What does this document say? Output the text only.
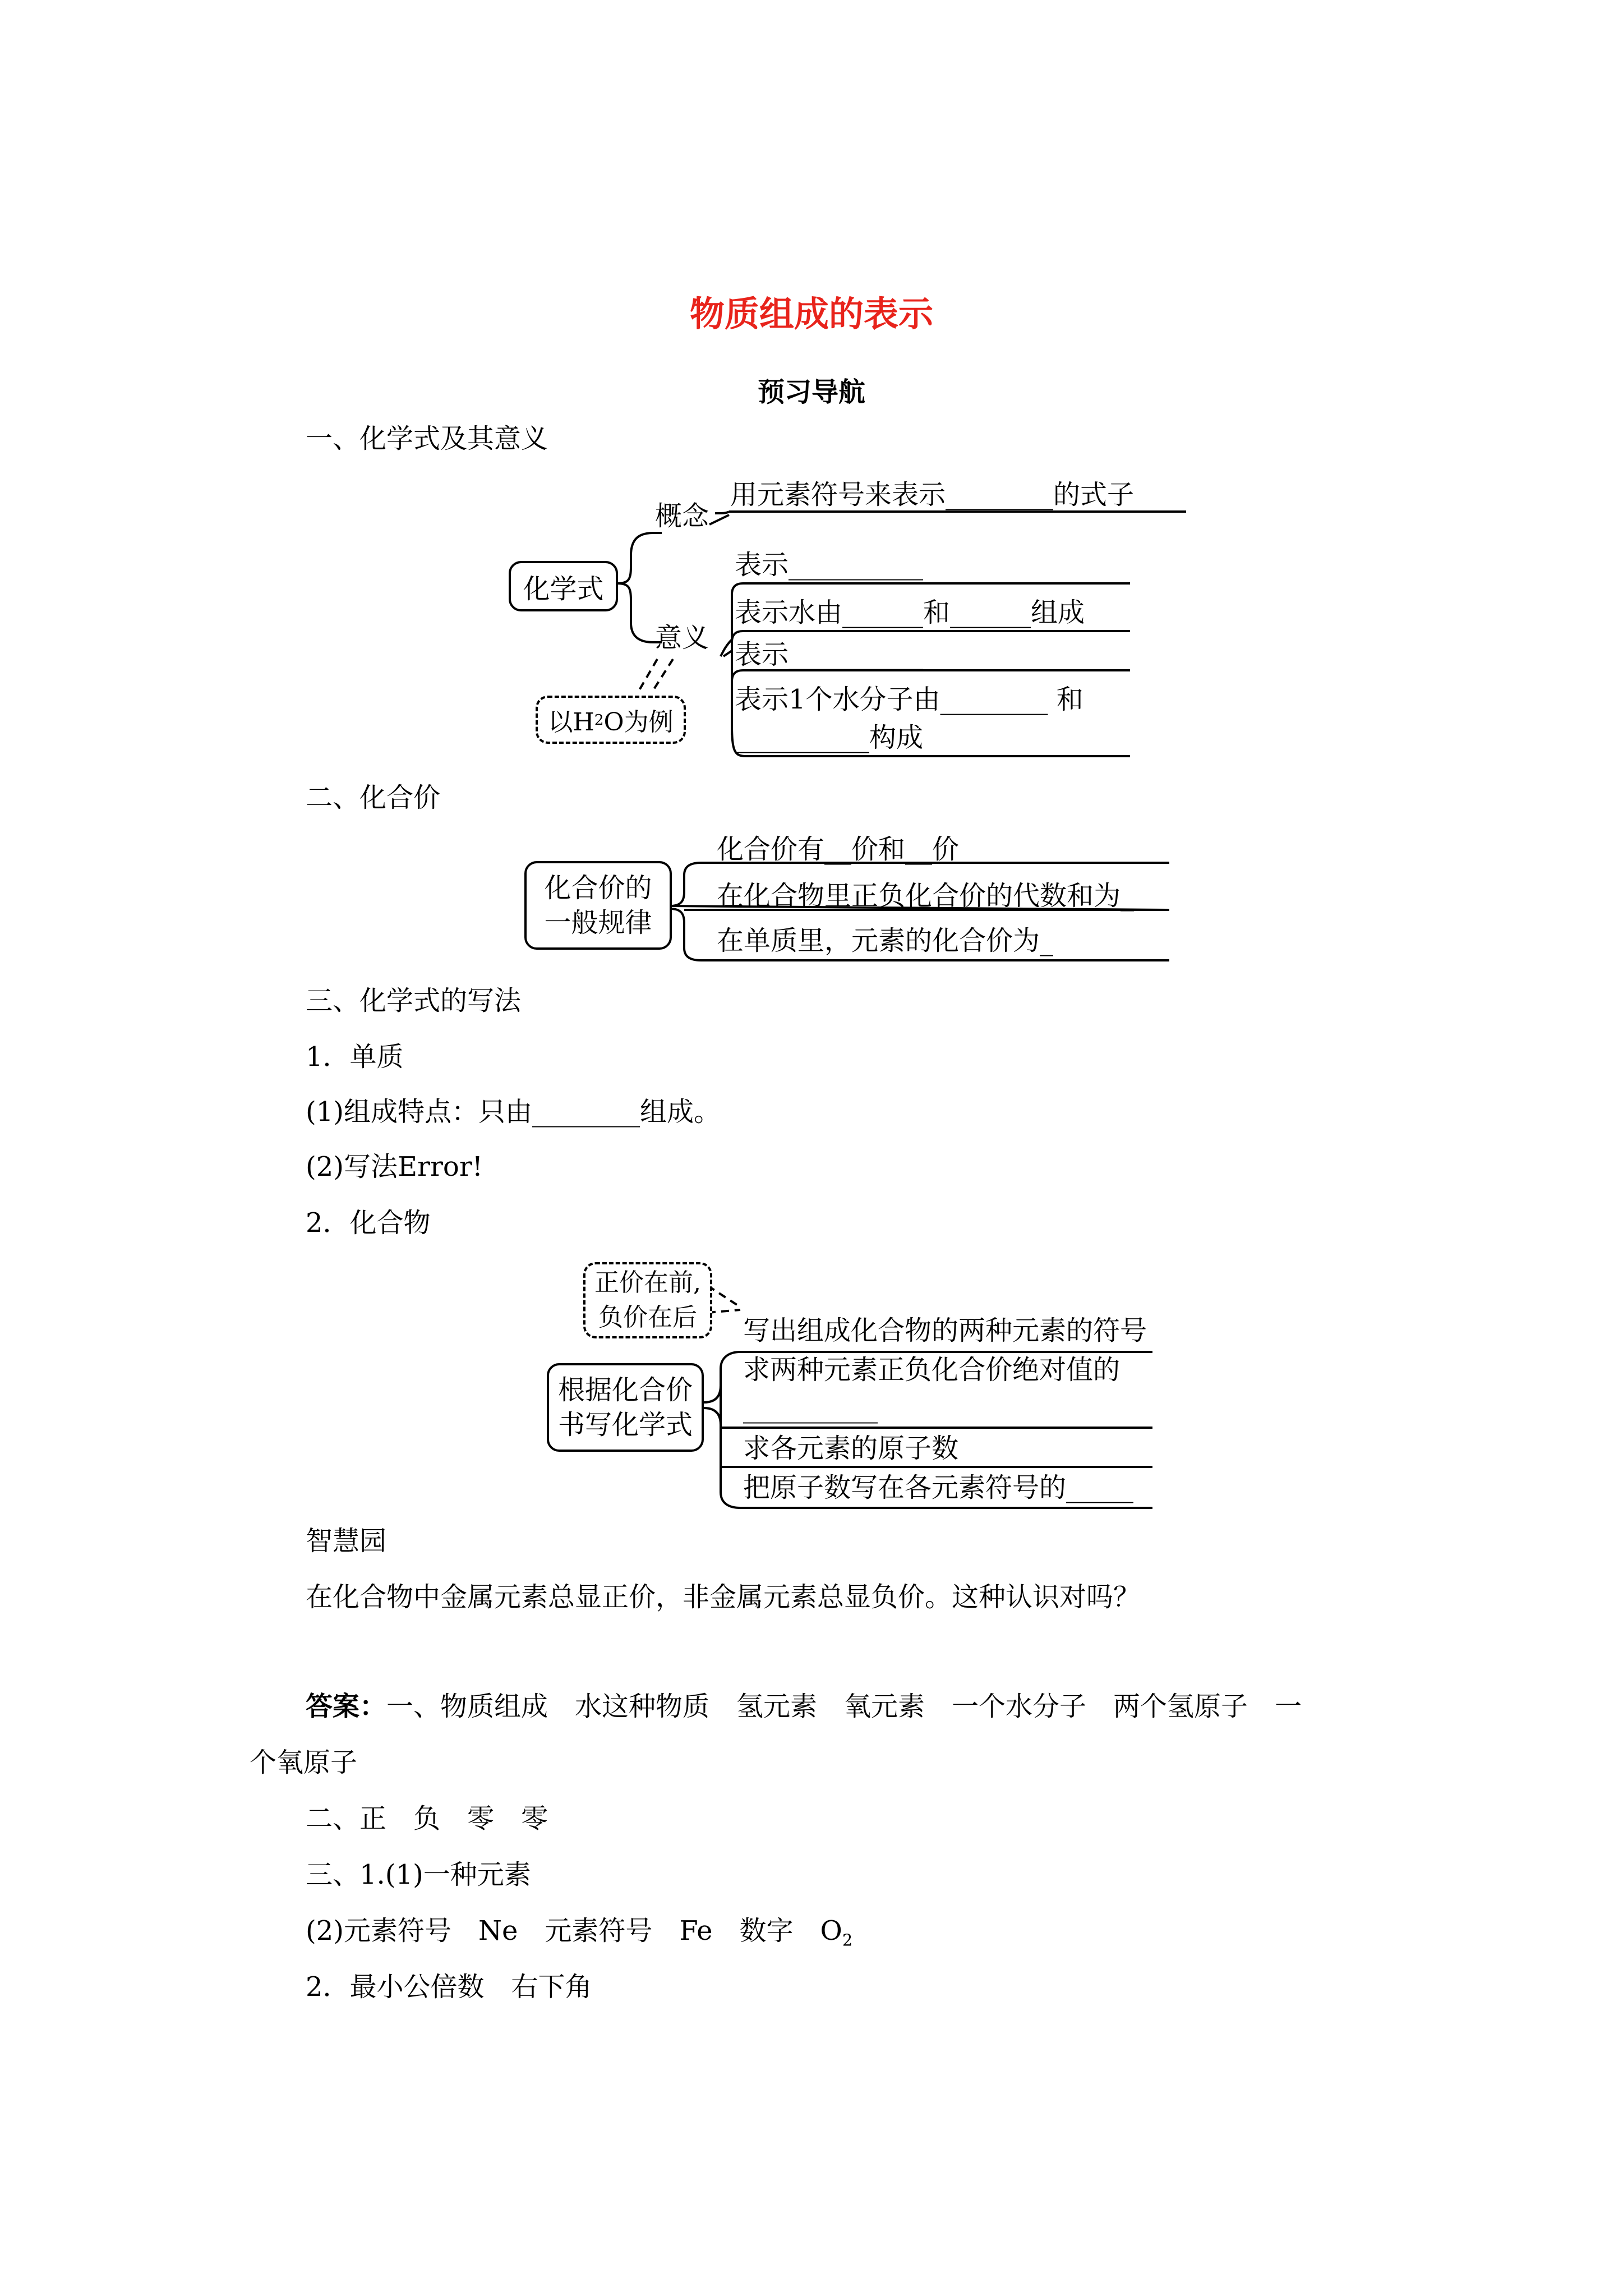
物质组成的表示
预习导航
一、化学式及其意义
化学式
概念
意义
用元素符号来表示________的式子
表示__________
表示水由______和______组成
表示__________
表示1个水分子由________ 和
__________构成
以H 2 O为例
二、化合价
化合价的
一般规律
化合价有__价和__价
在化合物里正负化合价的代数和为_
在单质里，元素的化合价为_
三、化学式的写法
1．单质
(1)组成特点：只由________组成。
(2)写法Error!
2．化合物
正价在前,
负价在后
根据化合价
书写化学式
写出组成化合物的两种元素的符号
求两种元素正负化合价绝对值的
__________
求各元素的原子数
把原子数写在各元素符号的_____
智慧园
在化合物中金属元素总显正价，非金属元素总显负价。这种认识对吗？
答案：一、物质组成　水这种物质　氢元素　氧元素　一个水分子　两个氢原子　一
个氧原子
二、正　负　零　零
三、1.(1)一种元素
(2)元素符号　Ne　元素符号　Fe　数字　$O_2$
2．最小公倍数　右下角
